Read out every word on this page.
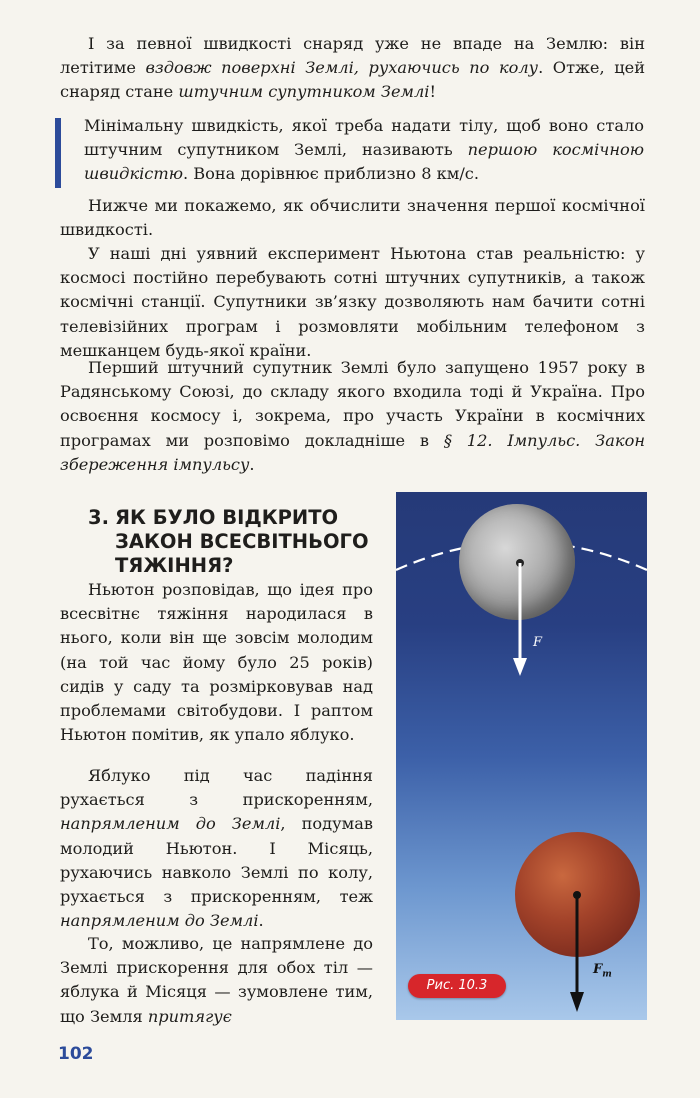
І за певної швидкості снаряд уже не впаде на Землю: він летітиме вздовж поверхні Землі, рухаючись по колу. Отже, цей снаряд стане штучним супутником Землі!

Мінімальну швидкість, якої треба надати тілу, щоб воно стало штучним супутником Землі, називають першою космічною швидкістю. Вона дорівнює приблизно 8 км/с.

Нижче ми покажемо, як обчислити значення першої космічної швидкості.

У наші дні уявний експеримент Ньютона став реальністю: у космосі постійно перебувають сотні штучних супутників, а також космічні станції. Супутники зв’язку дозволяють нам бачити сотні телевізійних програм і розмовляти мобільним телефоном з мешканцем будь-якої країни.

Перший штучний супутник Землі було запущено 1957 року в Радянському Союзі, до складу якого входила тоді й Україна. Про освоєння космосу і, зокрема, про участь України в космічних програмах ми розповімо докладніше в § 12. Імпульс. Закон збереження імпульсу.

3. ЯК БУЛО ВІДКРИТО ЗАКОН ВСЕСВІТНЬОГО ТЯЖІННЯ?

Ньютон розповідав, що ідея про всесвітнє тяжіння народилася в нього, коли він ще зовсім молодим (на той час йому було 25 років) сидів у саду та розмірковував над проблемами світобудови. І раптом Ньютон помітив, як упало яблуко.

Яблуко під час падіння рухається з прискоренням, напрямленим до Землі, подумав молодий Ньютон. І Місяць, рухаючись навколо Землі по колу, рухається з прискоренням, теж напрямленим до Землі.

То, можливо, це напрямлене до Землі прискорення для обох тіл — яблука й Місяця — зумовлене тим, що Земля притягує

F
$F_т$
Рис. 10.3
102
